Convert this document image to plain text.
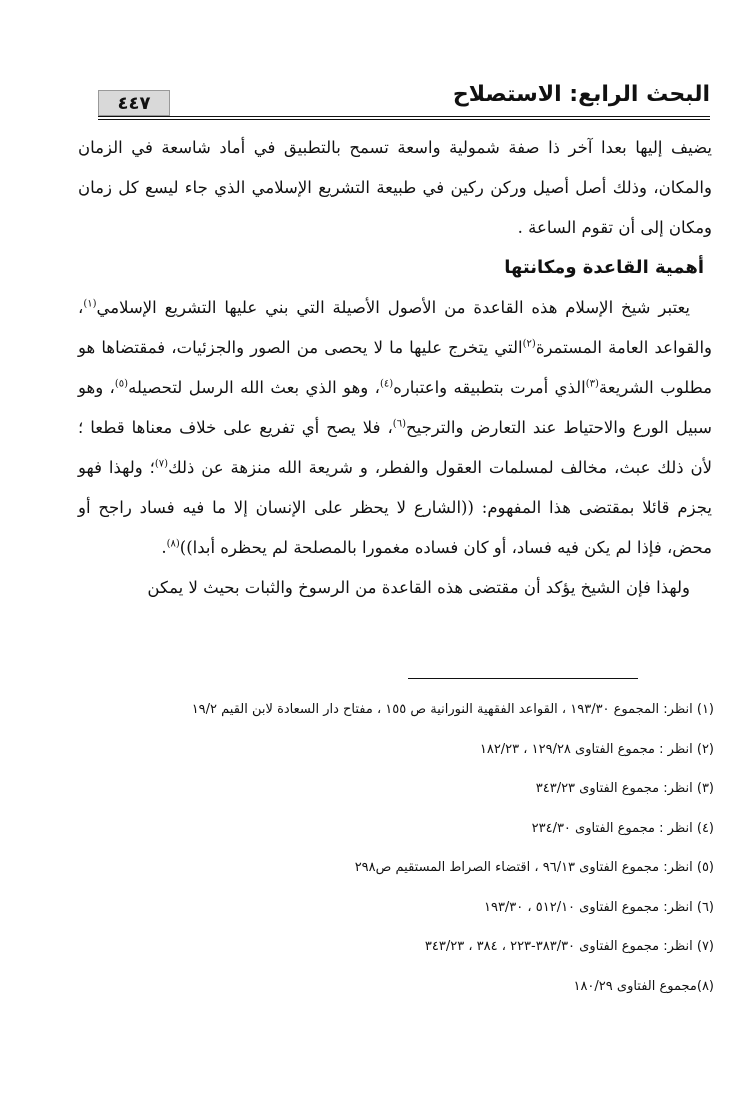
البحث الرابع: الاستصلاح
٤٤٧

يضيف إليها بعدا آخر ذا صفة شمولية واسعة تسمح بالتطبيق في أماد شاسعة في الزمان والمكان، وذلك أصل أصيل وركن ركين في طبيعة التشريع الإسلامي الذي جاء ليسع كل زمان ومكان إلى أن تقوم الساعة .

أهمية القاعدة ومكانتها

يعتبر شيخ الإسلام هذه القاعدة من الأصول الأصيلة التي بني عليها التشريع الإسلامي$^{(١)}$، والقواعد العامة المستمرة$^{(٢)}$التي يتخرج عليها ما لا يحصى من الصور والجزئيات، فمقتضاها هو مطلوب الشريعة$^{(٣)}$الذي أمرت بتطبيقه واعتباره$^{(٤)}$، وهو الذي بعث الله الرسل لتحصيله$^{(٥)}$، وهو سبيل الورع والاحتياط عند التعارض والترجيح$^{(٦)}$، فلا يصح أي تفريع على خلاف معناها قطعا ؛ لأن ذلك عبث، مخالف لمسلمات العقول والفطر، و شريعة الله منزهة عن ذلك$^{(٧)}$؛ ولهذا فهو يجزم قائلا بمقتضى هذا المفهوم: ((الشارع لا يحظر على الإنسان إلا ما فيه فساد راجح أو محض، فإذا لم يكن فيه فساد، أو كان فساده مغمورا بالمصلحة لم يحظره أبدا))$^{(٨)}$.

ولهذا فإن الشيخ يؤكد أن مقتضى هذه القاعدة من الرسوخ والثبات بحيث لا يمكن

(١) انظر: المجموع ١٩٣/٣٠ ، القواعد الفقهية النورانية ص ١٥٥ ، مفتاح دار السعادة لابن القيم ١٩/٢
(٢) انظر : مجموع الفتاوى ١٢٩/٢٨ ، ١٨٢/٢٣
(٣) انظر: مجموع الفتاوى ٣٤٣/٢٣
(٤) انظر : مجموع الفتاوى ٢٣٤/٣٠
(٥) انظر: مجموع الفتاوى ٩٦/١٣ ، اقتضاء الصراط المستقيم ص٢٩٨
(٦) انظر: مجموع الفتاوى ٥١٢/١٠ ، ١٩٣/٣٠
(٧) انظر: مجموع الفتاوى ٣٨٣/٣٠-٢٢٣ ، ٣٨٤ ، ٣٤٣/٢٣
(٨)مجموع الفتاوى ١٨٠/٢٩
